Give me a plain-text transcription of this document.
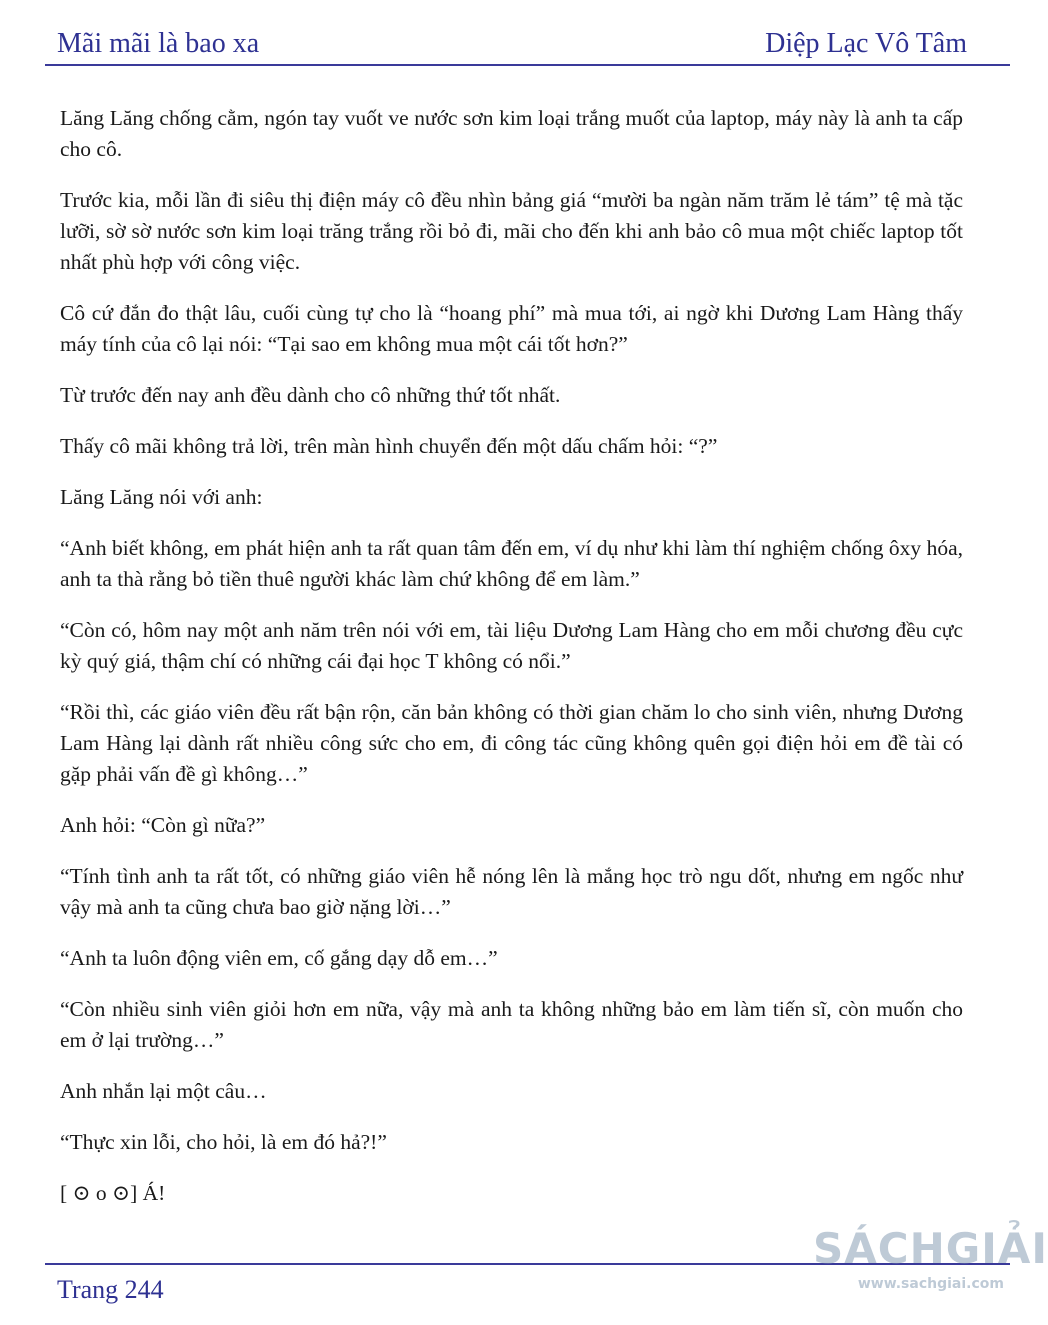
Mãi mãi là bao xa	Diệp Lạc Vô Tâm

Lăng Lăng chống cằm, ngón tay vuốt ve nước sơn kim loại trắng muốt của laptop, máy này là anh ta cấp cho cô.

Trước kia, mỗi lần đi siêu thị điện máy cô đều nhìn bảng giá “mười ba ngàn năm trăm lẻ tám” tệ mà tặc lưỡi, sờ sờ nước sơn kim loại trăng trắng rồi bỏ đi, mãi cho đến khi anh bảo cô mua một chiếc laptop tốt nhất phù hợp với công việc.

Cô cứ đắn đo thật lâu, cuối cùng tự cho là “hoang phí” mà mua tới, ai ngờ khi Dương Lam Hàng thấy máy tính của cô lại nói: “Tại sao em không mua một cái tốt hơn?”

Từ trước đến nay anh đều dành cho cô những thứ tốt nhất.

Thấy cô mãi không trả lời, trên màn hình chuyển đến một dấu chấm hỏi: “?”

Lăng Lăng nói với anh:

“Anh biết không, em phát hiện anh ta rất quan tâm đến em, ví dụ như khi làm thí nghiệm chống ôxy hóa, anh ta thà rằng bỏ tiền thuê người khác làm chứ không để em làm.”

“Còn có, hôm nay một anh năm trên nói với em, tài liệu Dương Lam Hàng cho em mỗi chương đều cực kỳ quý giá, thậm chí có những cái đại học T không có nổi.”

“Rồi thì, các giáo viên đều rất bận rộn, căn bản không có thời gian chăm lo cho sinh viên, nhưng Dương Lam Hàng lại dành rất nhiều công sức cho em, đi công tác cũng không quên gọi điện hỏi em đề tài có gặp phải vấn đề gì không…”

Anh hỏi: “Còn gì nữa?”

“Tính tình anh ta rất tốt, có những giáo viên hễ nóng lên là mắng học trò ngu dốt, nhưng em ngốc như vậy mà anh ta cũng chưa bao giờ nặng lời…”

“Anh ta luôn động viên em, cố gắng dạy dỗ em…”

“Còn nhiều sinh viên giỏi hơn em nữa, vậy mà anh ta không những bảo em làm tiến sĩ, còn muốn cho em ở lại trường…”

Anh nhắn lại một câu…

“Thực xin lỗi, cho hỏi, là em đó hả?!”

[ ⊙ o ⊙] Á!

Trang 244
SÁCHGIẢI
www.sachgiai.com
